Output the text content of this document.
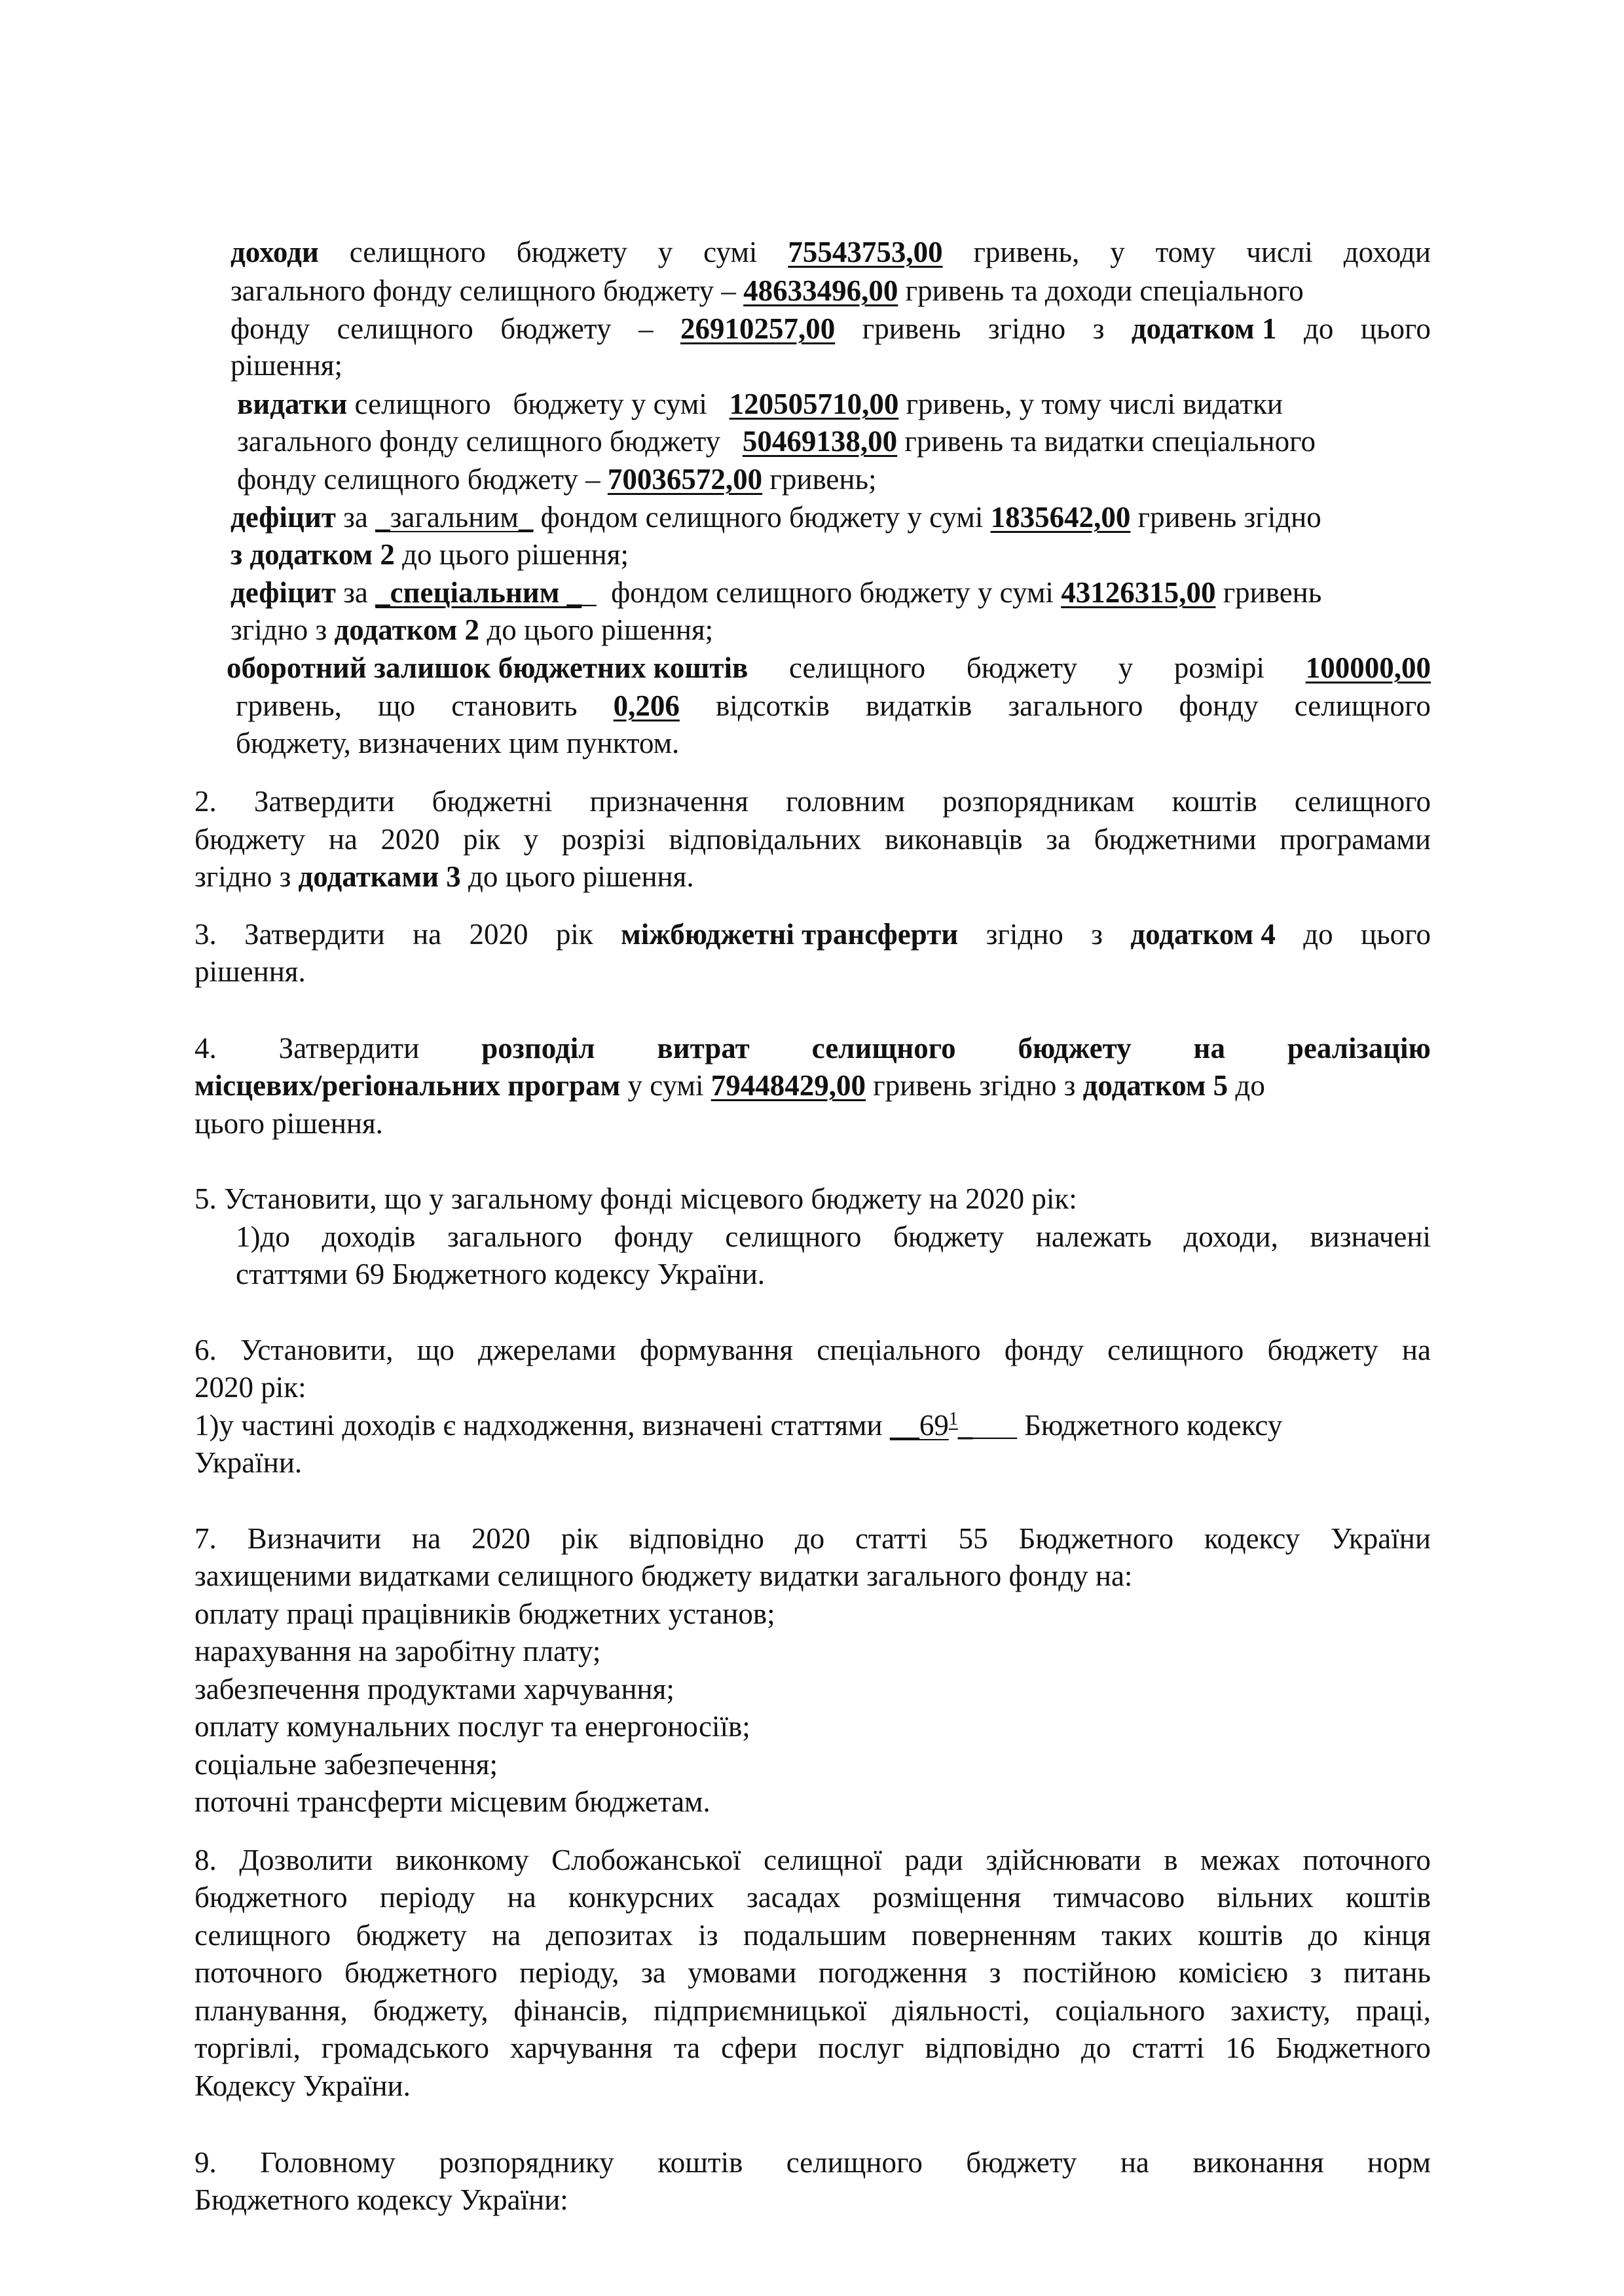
доходи селищного бюджету у сумі 75543753,00 гривень, у тому числі доходи
загального фонду селищного бюджету – 48633496,00 гривень та доходи спеціального
фонду селищного бюджету – 26910257,00 гривень згідно з додатком 1 до цього
рішення;
видатки селищного   бюджету у сумі   120505710,00 гривень, у тому числі видатки
загального фонду селищного бюджету   50469138,00 гривень та видатки спеціального
фонду селищного бюджету – 70036572,00 гривень;
дефіцит за _загальним_ фондом селищного бюджету у сумі 1835642,00 гривень згідно
з додатком 2 до цього рішення;
дефіцит за _спеціальним __  фондом селищного бюджету у сумі 43126315,00 гривень
згідно з додатком 2 до цього рішення;
оборотний залишок бюджетних коштів селищного бюджету у розмірі 100000,00
гривень, що становить 0,206 відсотків видатків загального фонду селищного
бюджету, визначених цим пунктом.
2. Затвердити бюджетні призначення головним розпорядникам коштів селищного
бюджету на 2020 рік у розрізі відповідальних виконавців за бюджетними програмами
згідно з додатками 3 до цього рішення.
3. Затвердити на 2020 рік міжбюджетні трансферти згідно з додатком 4 до цього
рішення.
4. Затвердити розподіл витрат селищного бюджету на реалізацію
місцевих/регіональних програм у сумі 79448429,00 гривень згідно з додатком 5 до
цього рішення.
5. Установити, що у загальному фонді місцевого бюджету на 2020 рік:
1)до доходів загального фонду селищного бюджету належать доходи, визначені
статтями 69 Бюджетного кодексу України.
6. Установити, що джерелами формування спеціального фонду селищного бюджету на
2020 рік:
1)у частині доходів є надходження, визначені статтями $\_\_69^1\_\_\_\_$ Бюджетного кодексу
України.
7. Визначити на 2020 рік відповідно до статті 55 Бюджетного кодексу України
захищеними видатками селищного бюджету видатки загального фонду на:
оплату праці працівників бюджетних установ;
нарахування на заробітну плату;
забезпечення продуктами харчування;
оплату комунальних послуг та енергоносіїв;
соціальне забезпечення;
поточні трансферти місцевим бюджетам.
8. Дозволити виконкому Слобожанської селищної ради здійснювати в межах поточного
бюджетного періоду на конкурсних засадах розміщення тимчасово вільних коштів
селищного бюджету на депозитах із подальшим поверненням таких коштів до кінця
поточного бюджетного періоду, за умовами погодження з постійною комісією з питань
планування, бюджету, фінансів, підприємницької діяльності, соціального захисту, праці,
торгівлі, громадського харчування та сфери послуг відповідно до статті 16 Бюджетного
Кодексу України.
9. Головному розпоряднику коштів селищного бюджету на виконання норм
Бюджетного кодексу України:
